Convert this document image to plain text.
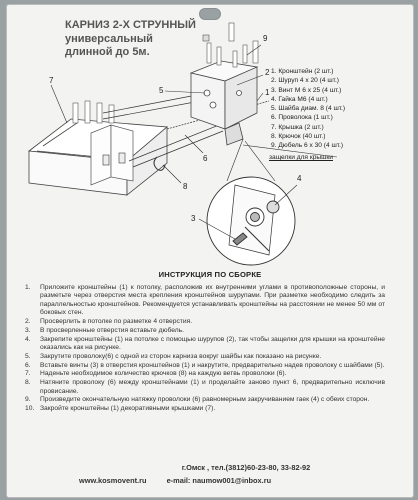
КАРНИЗ 2-Х СТРУННЫЙ
универсальный
длинной до 5м.
7
5
9
2
1
6
8
4
3
1. Кронштейн (2 шт.)
2. Шуруп 4 х 20 (4 шт.)
3. Винт М 6 х 25 (4 шт.)
4. Гайка М6 (4 шт.)
5. Шайба диам. 8 (4 шт.)
6. Проволока (1 шт.)
7. Крышка (2 шт.)
8. Крючок (40 шт.)
9. Дюбель 6 х 30 (4 шт.)
защелки для крышки
ИНСТРУКЦИЯ ПО СБОРКЕ
1. Приложите кронштейны (1) к потолку, расположив их внутренними углами в противоположные стороны, и разметьте через отверстия места крепления кронштейнов шурупами. При разметке необходимо следить за параллельностью кронштейнов. Рекомендуется устанавливать кронштейны на расстоянии не менее 50 мм от боковых стен.
2. Просверлить в потолке по разметке 4 отверстия.
3. В просверленные отверстия вставьте дюбель.
4. Закрепите кронштейны (1) на потолке с помощью шурупов (2), так чтобы защелки для крышки на кронштейне оказались как на рисунке.
5. Закрутите проволоку(6) с одной из сторон карниза вокруг шайбы как показано на рисунке.
6. Вставьте винты (3) в отверстия кронштейнов (1) и накрутите, предварительно надев проволоку с шайбами (5).
7. Наденьте необходимое количество крючков (8) на каждую ветвь проволоки (6).
8. Натяните проволоку (6) между кронштейнами (1) и проделайте заново пункт 6, предварительно исключив провисание.
9. Произведите окончательную натяжку проволоки (6) равномерным закручиванием гаек (4) с обеих сторон.
10. Закройте кронштейны (1) декоративными крышками (7).
г.Омск , тел.(3812)60-23-80, 33-82-92
www.kosmovent.ru	e-mail: naumow001@inbox.ru
